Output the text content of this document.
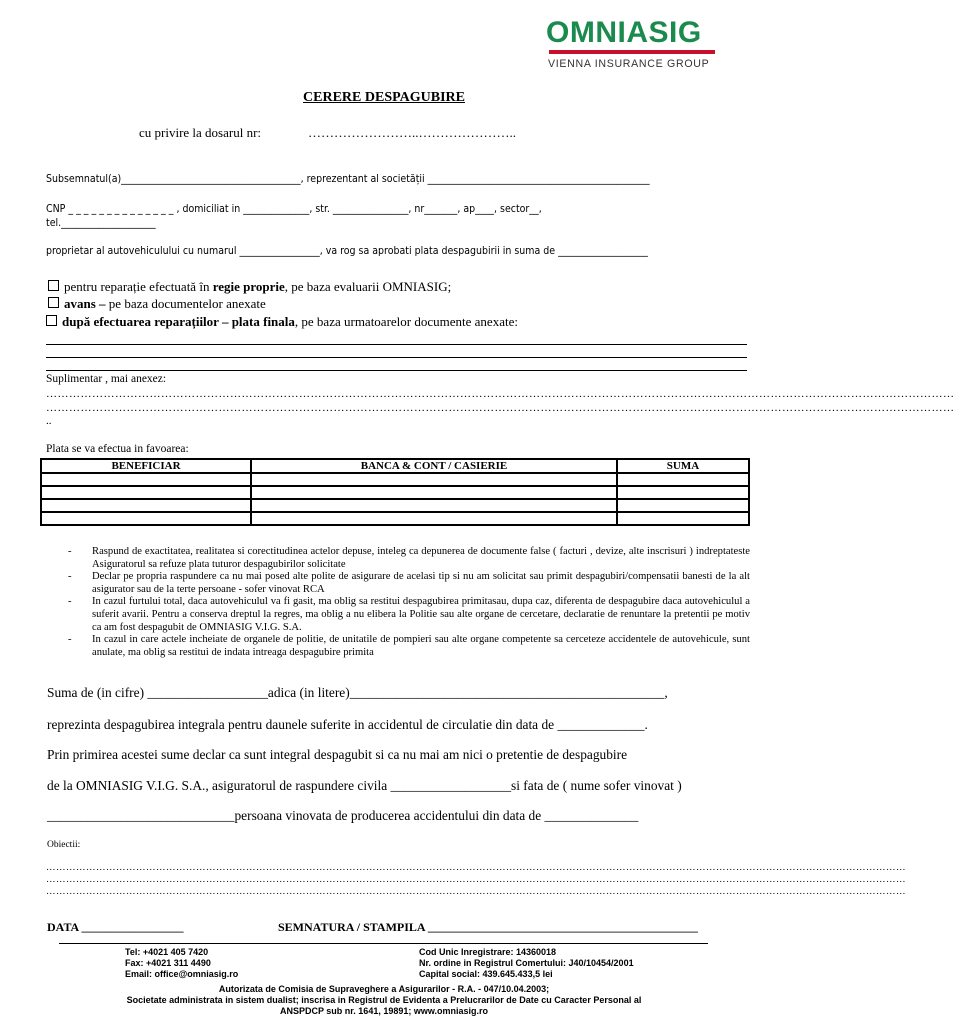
OMNIASIG
VIENNA INSURANCE GROUP
CERERE DESPAGUBIRE
cu privire la dosarul nr:	……………………..…………………..
Subsemnatul(a)______________________________________, reprezentant al societății _______________________________________________
CNP _ _ _ _ _ _ _ _ _ _ _ _ _ _ , domiciliat in ______________, str. ________________, nr_______, ap____, sector__,
tel.____________________
proprietar al autovehiculului cu numarul _________________, va rog sa aprobati plata despagubirii in suma de ___________________
pentru reparație efectuată în regie proprie, pe baza evaluarii OMNIASIG;
avans – pe baza documentelor anexate
după efectuarea reparațiilor – plata finala, pe baza urmatoarelor documente anexate:
Suplimentar , mai anexez:
…………………………………………………………………………………………………………………………………………………………………………………………………………………
…………………………………………………………………………………………………………………………………………………………………………………………………………………
..
Plata se va efectua in favoarea:
BENEFICIAR	BANCA & CONT / CASIERIE	SUMA

- Raspund de exactitatea, realitatea si corectitudinea actelor depuse, inteleg ca depunerea de documente false ( facturi , devize, alte inscrisuri ) indreptateste Asiguratorul sa refuze plata tuturor despagubirilor solicitate
- Declar pe propria raspundere ca nu mai posed alte polite de asigurare de acelasi tip si nu am solicitat sau primit despagubiri/compensatii banesti de la alt asigurator sau de la terte persoane - sofer vinovat RCA
- In cazul furtului total, daca autovehiculul va fi gasit, ma oblig sa restitui despagubirea primitasau, dupa caz, diferenta de despagubire daca autovehiculul a suferit avarii. Pentru a conserva dreptul la regres, ma oblig a nu elibera la Politie sau alte organe de cercetare, declaratie de renuntare la pretentii pe motiv ca am fost despagubit de OMNIASIG V.I.G. S.A.
- In cazul in care actele incheiate de organele de politie, de unitatile de pompieri sau alte organe competente sa cerceteze accidentele de autovehicule, sunt anulate, ma oblig sa restitui de indata intreaga despagubire primita
Suma de (in cifre) __________________adica (in litere)_______________________________________________,
reprezinta despagubirea integrala pentru daunele suferite in accidentul de circulatie din data de _____________.
Prin primirea acestei sume declar ca sunt integral despagubit si ca nu mai am nici o pretentie de despagubire
de la OMNIASIG V.I.G. S.A., asiguratorul de raspundere civila __________________si fata de ( nume sofer vinovat )
____________________________persoana vinovata de producerea accidentului din data de ______________
Obiectii:
……………………………………………………………………………………………………………………………………………………………………………………………………………………………………
……………………………………………………………………………………………………………………………………………………………………………………………………………………………………
……………………………………………………………………………………………………………………………………………………………………………………………………………………………………
DATA _________________	SEMNATURA / STAMPILA _____________________________________________
Tel: +4021 405 7420
Fax: +4021 311 4490
Email: office@omniasig.ro
Cod Unic Inregistrare: 14360018
Nr. ordine in Registrul Comertului: J40/10454/2001
Capital social: 439.645.433,5 lei
Autorizata de Comisia de Supraveghere a Asigurarilor - R.A. - 047/10.04.2003;
Societate administrata in sistem dualist; inscrisa in Registrul de Evidenta a Prelucrarilor de Date cu Caracter Personal al
ANSPDCP sub nr. 1641, 19891; www.omniasig.ro
